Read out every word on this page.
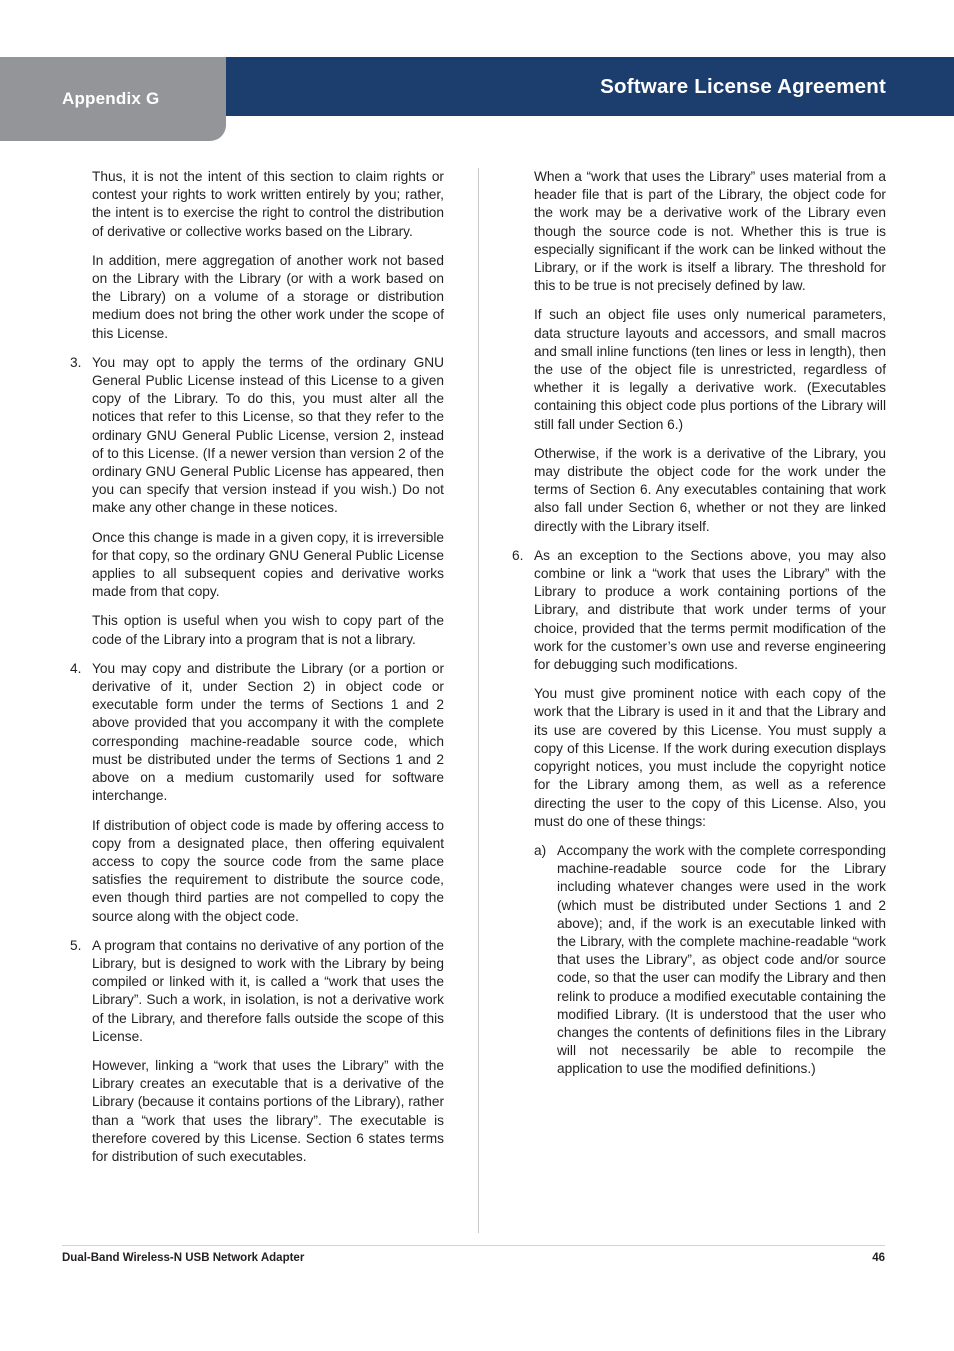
Appendix G
Software License Agreement

Thus, it is not the intent of this section to claim rights or contest your rights to work written entirely by you; rather, the intent is to exercise the right to control the distribution of derivative or collective works based on the Library.

In addition, mere aggregation of another work not based on the Library with the Library (or with a work based on the Library) on a volume of a storage or distribution medium does not bring the other work under the scope of this License.

3. You may opt to apply the terms of the ordinary GNU General Public License instead of this License to a given copy of the Library. To do this, you must alter all the notices that refer to this License, so that they refer to the ordinary GNU General Public License, version 2, instead of to this License. (If a newer version than version 2 of the ordinary GNU General Public License has appeared, then you can specify that version instead if you wish.) Do not make any other change in these notices.

Once this change is made in a given copy, it is irreversible for that copy, so the ordinary GNU General Public License applies to all subsequent copies and derivative works made from that copy.

This option is useful when you wish to copy part of the code of the Library into a program that is not a library.

4. You may copy and distribute the Library (or a portion or derivative of it, under Section 2) in object code or executable form under the terms of Sections 1 and 2 above provided that you accompany it with the complete corresponding machine-readable source code, which must be distributed under the terms of Sections 1 and 2 above on a medium customarily used for software interchange.

If distribution of object code is made by offering access to copy from a designated place, then offering equivalent access to copy the source code from the same place satisfies the requirement to distribute the source code, even though third parties are not compelled to copy the source along with the object code.

5. A program that contains no derivative of any portion of the Library, but is designed to work with the Library by being compiled or linked with it, is called a “work that uses the Library”. Such a work, in isolation, is not a derivative work of the Library, and therefore falls outside the scope of this License.

However, linking a “work that uses the Library” with the Library creates an executable that is a derivative of the Library (because it contains portions of the Library), rather than a “work that uses the library”. The executable is therefore covered by this License. Section 6 states terms for distribution of such executables.

When a “work that uses the Library” uses material from a header file that is part of the Library, the object code for the work may be a derivative work of the Library even though the source code is not. Whether this is true is especially significant if the work can be linked without the Library, or if the work is itself a library. The threshold for this to be true is not precisely defined by law.

If such an object file uses only numerical parameters, data structure layouts and accessors, and small macros and small inline functions (ten lines or less in length), then the use of the object file is unrestricted, regardless of whether it is legally a derivative work. (Executables containing this object code plus portions of the Library will still fall under Section 6.)

Otherwise, if the work is a derivative of the Library, you may distribute the object code for the work under the terms of Section 6. Any executables containing that work also fall under Section 6, whether or not they are linked directly with the Library itself.

6. As an exception to the Sections above, you may also combine or link a “work that uses the Library” with the Library to produce a work containing portions of the Library, and distribute that work under terms of your choice, provided that the terms permit modification of the work for the customer’s own use and reverse engineering for debugging such modifications.

You must give prominent notice with each copy of the work that the Library is used in it and that the Library and its use are covered by this License. You must supply a copy of this License. If the work during execution displays copyright notices, you must include the copyright notice for the Library among them, as well as a reference directing the user to the copy of this License. Also, you must do one of these things:

a) Accompany the work with the complete corresponding machine-readable source code for the Library including whatever changes were used in the work (which must be distributed under Sections 1 and 2 above); and, if the work is an executable linked with the Library, with the complete machine-readable “work that uses the Library”, as object code and/or source code, so that the user can modify the Library and then relink to produce a modified executable containing the modified Library. (It is understood that the user who changes the contents of definitions files in the Library will not necessarily be able to recompile the application to use the modified definitions.)

Dual-Band Wireless-N USB Network Adapter	46
